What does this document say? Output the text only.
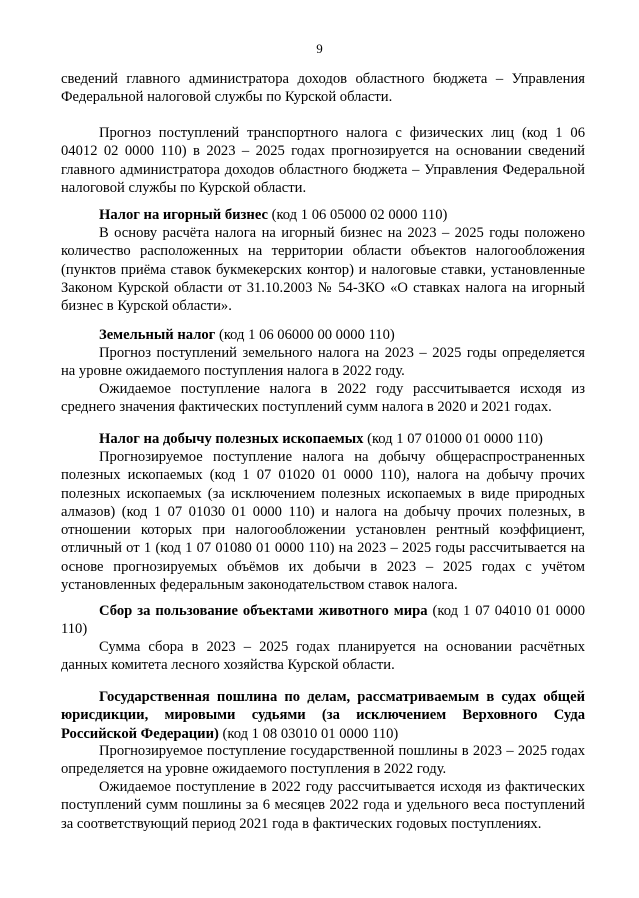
9
сведений главного администратора доходов областного бюджета – Управления Федеральной налоговой службы по Курской области.
Прогноз поступлений транспортного налога с физических лиц (код 1 06 04012 02 0000 110) в 2023 – 2025 годах прогнозируется на основании сведений главного администратора доходов областного бюджета – Управления Федеральной налоговой службы по Курской области.
Налог на игорный бизнес (код 1 06 05000 02 0000 110)
В основу расчёта налога на игорный бизнес на 2023 – 2025 годы положено количество расположенных на территории области объектов налогообложения (пунктов приёма ставок букмекерских контор) и налоговые ставки, установленные Законом Курской области от 31.10.2003 № 54-ЗКО «О ставках налога на игорный бизнес в Курской области».
Земельный налог (код 1 06 06000 00 0000 110)
Прогноз поступлений земельного налога на 2023 – 2025 годы определяется на уровне ожидаемого поступления налога в 2022 году.
Ожидаемое поступление налога в 2022 году рассчитывается исходя из среднего значения фактических поступлений сумм налога в 2020 и 2021 годах.
Налог на добычу полезных ископаемых (код 1 07 01000 01 0000 110)
Прогнозируемое поступление налога на добычу общераспространенных полезных ископаемых (код 1 07 01020 01 0000 110), налога на добычу прочих полезных ископаемых (за исключением полезных ископаемых в виде природных алмазов) (код 1 07 01030 01 0000 110) и налога на добычу прочих полезных, в отношении которых при налогообложении установлен рентный коэффициент, отличный от 1 (код 1 07 01080 01 0000 110) на 2023 – 2025 годы рассчитывается на основе прогнозируемых объёмов их добычи в 2023 – 2025 годах с учётом установленных федеральным законодательством ставок налога.
Сбор за пользование объектами животного мира (код 1 07 04010 01 0000 110)
Сумма сбора в 2023 – 2025 годах планируется на основании расчётных данных комитета лесного хозяйства Курской области.
Государственная пошлина по делам, рассматриваемым в судах общей юрисдикции, мировыми судьями (за исключением Верховного Суда Российской Федерации) (код 1 08 03010 01 0000 110)
Прогнозируемое поступление государственной пошлины в 2023 – 2025 годах определяется на уровне ожидаемого поступления в 2022 году.
Ожидаемое поступление в 2022 году рассчитывается исходя из фактических поступлений сумм пошлины за 6 месяцев 2022 года и удельного веса поступлений за соответствующий период 2021 года в фактических годовых поступлениях.
